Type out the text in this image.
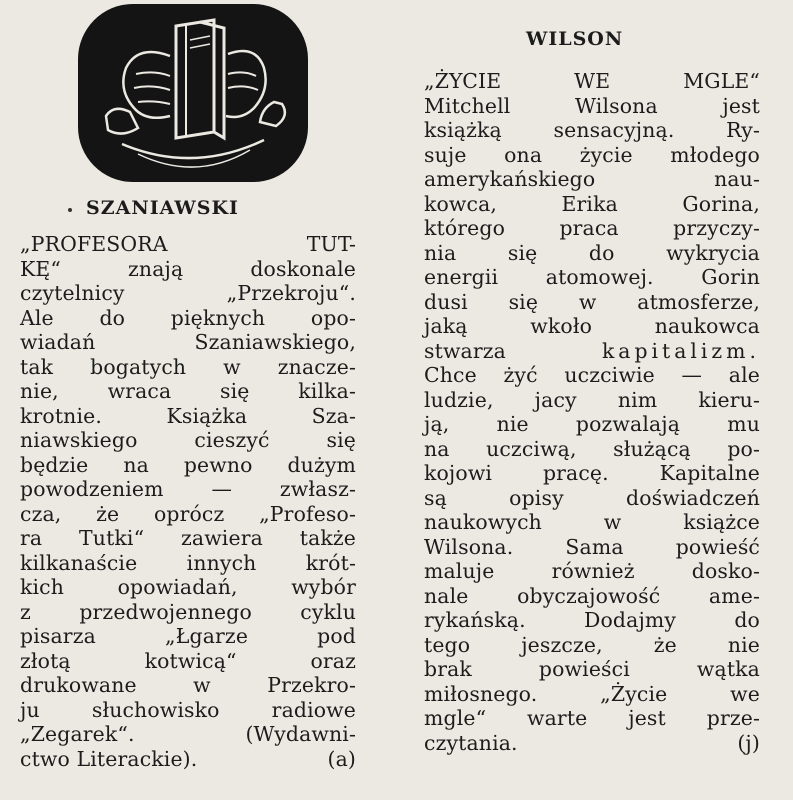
SZANIAWSKI
WILSON
„PROFESORA TUT-
KĘ“ znają doskonale
czytelnicy „Przekroju“.
Ale do pięknych opo-
wiadań Szaniawskiego,
tak bogatych w znacze-
nie, wraca się kilka-
krotnie. Książka Sza-
niawskiego cieszyć się
będzie na pewno dużym
powodzeniem — zwłasz-
cza, że oprócz „Profeso-
ra Tutki“ zawiera także
kilkanaście innych krót-
kich opowiadań, wybór
z przedwojennego cyklu
pisarza „Łgarze pod
złotą kotwicą“ oraz
drukowane w Przekro-
ju słuchowisko radiowe
„Zegarek“. (Wydawni-
ctwo Literackie).	(a)
„ŻYCIE WE MGLE“
Mitchell Wilsona jest
książką sensacyjną. Ry-
suje ona życie młodego
amerykańskiego nau-
kowca, Erika Gorina,
którego praca przyczy-
nia się do wykrycia
energii atomowej. Gorin
dusi się w atmosferze,
jaką wkoło naukowca
stwarza	kapitalizm.
Chce żyć uczciwie — ale
ludzie, jacy nim kieru-
ją, nie pozwalają mu
na uczciwą, służącą po-
kojowi pracę. Kapitalne
są opisy doświadczeń
naukowych w książce
Wilsona. Sama powieść
maluje również dosko-
nale obyczajowość ame-
rykańską. Dodajmy do
tego jeszcze, że nie
brak powieści wątka
miłosnego. „Życie we
mgle“ warte jest prze-
czytania.	(j)
